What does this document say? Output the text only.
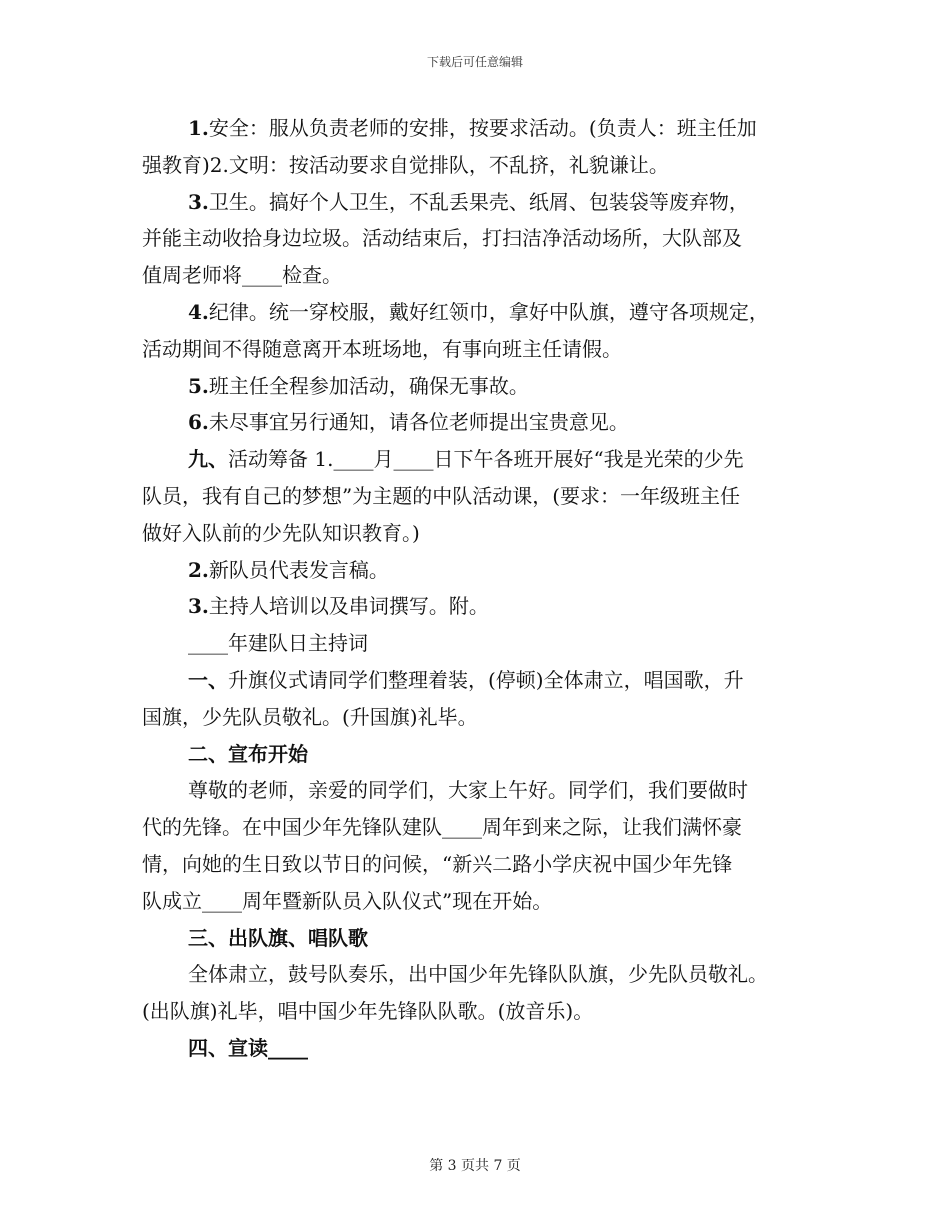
下载后可任意编辑
1.安全：服从负责老师的安排，按要求活动。(负责人：班主任加
强教育)2.文明：按活动要求自觉排队，不乱挤，礼貌谦让。
3.卫生。搞好个人卫生，不乱丢果壳、纸屑、包装袋等废弃物，
并能主动收拾身边垃圾。活动结束后，打扫洁净活动场所，大队部及
值周老师将____检查。
4.纪律。统一穿校服，戴好红领巾，拿好中队旗，遵守各项规定，
活动期间不得随意离开本班场地，有事向班主任请假。
5.班主任全程参加活动，确保无事故。
6.未尽事宜另行通知，请各位老师提出宝贵意见。
九、活动筹备 1.____月____日下午各班开展好“我是光荣的少先
队员，我有自己的梦想”为主题的中队活动课，(要求：一年级班主任
做好入队前的少先队知识教育。)
2.新队员代表发言稿。
3.主持人培训以及串词撰写。附。
____年建队日主持词
一、升旗仪式请同学们整理着装，(停顿)全体肃立，唱国歌，升
国旗，少先队员敬礼。(升国旗)礼毕。
二、宣布开始
尊敬的老师，亲爱的同学们，大家上午好。同学们，我们要做时
代的先锋。在中国少年先锋队建队____周年到来之际，让我们满怀豪
情，向她的生日致以节日的问候，“新兴二路小学庆祝中国少年先锋
队成立____周年暨新队员入队仪式”现在开始。
三、出队旗、唱队歌
全体肃立，鼓号队奏乐，出中国少年先锋队队旗，少先队员敬礼。
(出队旗)礼毕，唱中国少年先锋队队歌。(放音乐)。
四、宣读____
第 3 页共 7 页
